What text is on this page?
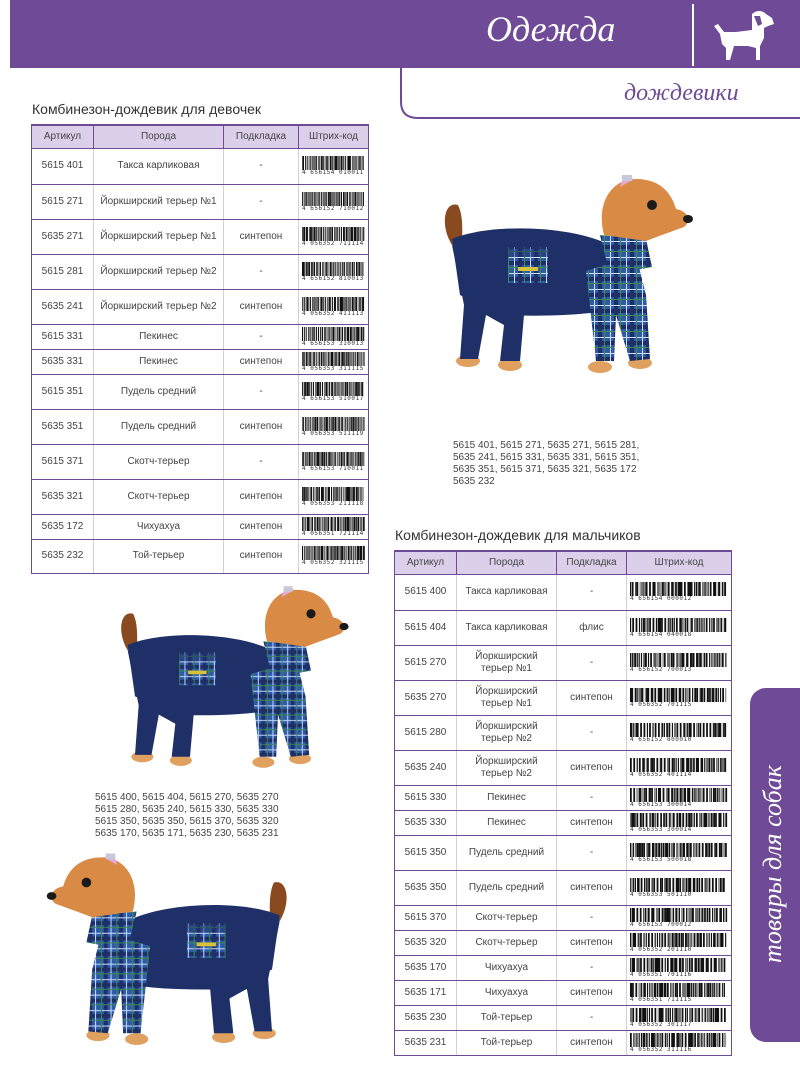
Одежда
дождевики
товары для собак
Комбинезон-дождевик для девочек
Артикул	Порода	Подкладка	Штрих-код
5615 401	Такса карликовая	-	4 656154 010011

5615 271	Йоркширский терьер №1	-	4 656152 710012

5635 271	Йоркширский терьер №1	синтепон	4 056352 711114

5615 281	Йоркширский терьер №2	-	4 656152 810013

5635 241	Йоркширский терьер №2	синтепон	4 056352 411113

5615 331	Пекинес	-	4 656153 310013

5635 331	Пекинес	синтепон	4 056353 311115

5615 351	Пудель средний	-	4 656153 510017

5635 351	Пудель средний	синтепон	4 056353 511119

5615 371	Скотч-терьер	-	4 656153 710011

5635 321	Скотч-терьер	синтепон	4 056353 211118

5635 172	Чихуахуа	синтепон	4 056351 721114

5635 232	Той-терьер	синтепон	4 056352 321115
Комбинезон-дождевик для мальчиков
Артикул	Порода	Подкладка	Штрих-код
5615 400	Такса карликовая	-	4 656154 000012

5615 404	Такса карликовая	флис	4 656154 040018

5615 270	Йоркширский терьер №1	-	4 656152 700013

5635 270	Йоркширский терьер №1	синтепон	4 056352 701115

5615 280	Йоркширский терьер №2	-	4 656152 800010

5635 240	Йоркширский терьер №2	синтепон	4 056352 401114

5615 330	Пекинес	-	4 656153 300014

5635 330	Пекинес	синтепон	4 056353 300014

5615 350	Пудель средний	-	4 656153 500018

5635 350	Пудель средний	синтепон	4 056353 501110

5615 370	Скотч-терьер	-	4 656153 700012

5635 320	Скотч-терьер	синтепон	4 056352 201110

5635 170	Чихуахуа	-	4 056351 701116

5635 171	Чихуахуа	синтепон	4 056351 711115

5635 230	Той-терьер	-	4 056352 301117

5635 231	Той-терьер	синтепон	4 056352 311116
5615 401, 5615 271, 5635 271, 5615 281,
5635 241, 5615 331, 5635 331, 5615 351,
5635 351, 5615 371, 5635 321, 5635 172
5635 232
5615 400, 5615 404, 5615 270, 5635 270
5615 280, 5635 240, 5615 330, 5635 330
5615 350, 5635 350, 5615 370, 5635 320
5635 170, 5635 171, 5635 230, 5635 231
